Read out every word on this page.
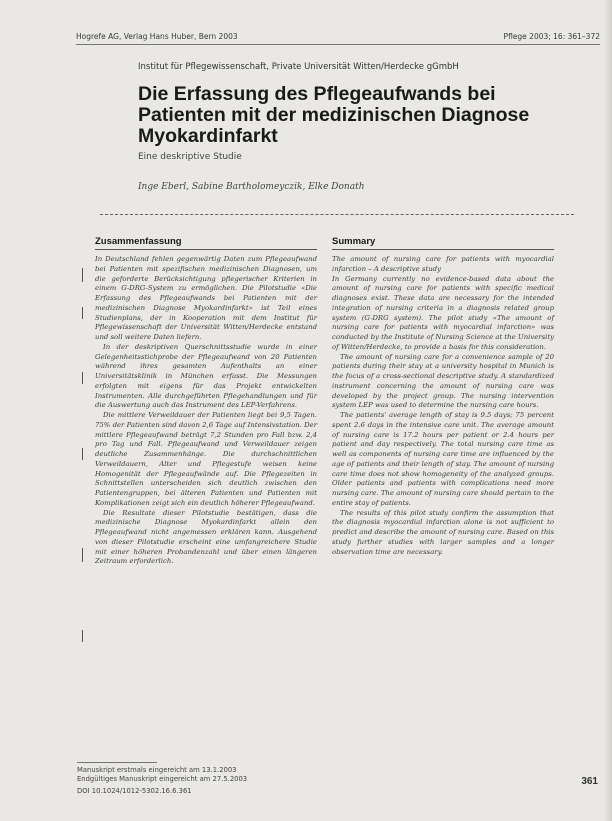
Hogrefe AG, Verlag Hans Huber, Bern 2003	Pflege 2003; 16: 361–372
Institut für Pflegewissenschaft, Private Universität Witten/Herdecke gGmbH
Die Erfassung des Pflegeaufwands bei Patienten mit der medizinischen Diagnose Myokardinfarkt
Eine deskriptive Studie
Inge Eberl, Sabine Bartholomeyczik, Elke Donath
Zusammenfassung	Summary

In Deutschland fehlen gegenwärtig Daten zum Pflegeaufwand bei Patienten mit spezifischen medizinischen Diagnosen, um die geforderte Berücksichtigung pflegerischer Kriterien in einem G-DRG-System zu ermöglichen. Die Pilotstudie «Die Erfassung des Pflegeaufwands bei Patienten mit der medizinischen Diagnose Myokardinfarkt» ist Teil eines Studienplans, der in Kooperation mit dem Institut für Pflegewissenschaft der Universität Witten/Herdecke entstand und soll weitere Daten liefern.

In der deskriptiven Querschnittsstudie wurde in einer Gelegenheitsstichprobe der Pflegeaufwand von 20 Patienten während ihres gesamten Aufenthalts an einer Universitätsklinik in München erfasst. Die Messungen erfolgten mit eigens für das Projekt entwickelten Instrumenten. Alle durchgeführten Pflegehandlungen und für die Auswertung auch das Instrument des LEP-Verfahrens.

Die mittlere Verweildauer der Patienten liegt bei 9,5 Tagen. 75% der Patienten sind davon 2,6 Tage auf Intensivstation. Der mittlere Pflegeaufwand beträgt 7,2 Stunden pro Fall bzw. 2,4 pro Tag und Fall. Pflegeaufwand und Verweildauer zeigen deutliche Zusammenhänge. Die durchschnittlichen Verweildauern, Alter und Pflegestufe weisen keine Homogenität der Pflegeaufwände auf. Die Pflegezeiten in Schnittstellen unterscheiden sich deutlich zwischen den Patientengruppen, bei älteren Patienten und Patienten mit Komplikationen zeigt sich ein deutlich höherer Pflegeaufwand.

Die Resultate dieser Pilotstudie bestätigen, dass die medizinische Diagnose Myokardinfarkt allein den Pflegeaufwand nicht angemessen erklären kann. Ausgehend von dieser Pilotstudie erscheint eine umfangreichere Studie mit einer höheren Probandenzahl und über einen längeren Zeitraum erforderlich.

The amount of nursing care for patients with myocardial infarction – A descriptive study

In Germany currently no evidence-based data about the amount of nursing care for patients with specific medical diagnoses exist. These data are necessary for the intended integration of nursing criteria in a diagnosis related group system (G-DRG system). The pilot study «The amount of nursing care for patients with myocardial infarction» was conducted by the Institute of Nursing Science at the University of Witten/Herdecke, to provide a basis for this consideration.

The amount of nursing care for a convenience sample of 20 patients during their stay at a university hospital in Munich is the focus of a cross-sectional descriptive study. A standardized instrument concerning the amount of nursing care was developed by the project group. The nursing intervention system LEP was used to determine the nursing care hours.

The patients' average length of stay is 9.5 days; 75 percent spent 2.6 days in the intensive care unit. The average amount of nursing care is 17.2 hours per patient or 2.4 hours per patient and day respectively. The total nursing care time as well as components of nursing care time are influenced by the age of patients and their length of stay. The amount of nursing care time does not show homogeneity of the analyzed groups. Older patients and patients with complications need more nursing care. The amount of nursing care should pertain to the entire stay of patients.

The results of this pilot study confirm the assumption that the diagnosis myocardial infarction alone is not sufficient to predict and describe the amount of nursing care. Based on this study further studies with larger samples and a longer observation time are necessary.

Manuskript erstmals eingereicht am 13.1.2003
Endgültiges Manuskript eingereicht am 27.5.2003
DOI 10.1024/1012-5302.16.6.361
361
